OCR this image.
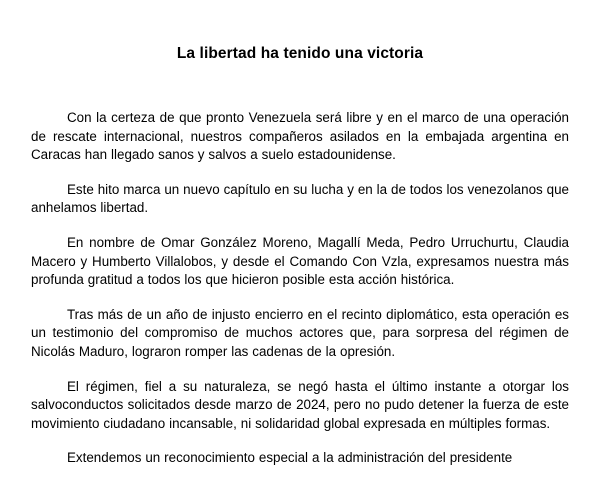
La libertad ha tenido una victoria

Con la certeza de que pronto Venezuela será libre y en el marco de una operación de rescate internacional, nuestros compañeros asilados en la embajada argentina en Caracas han llegado sanos y salvos a suelo estadounidense.

Este hito marca un nuevo capítulo en su lucha y en la de todos los venezolanos que anhelamos libertad.

En nombre de Omar González Moreno, Magallí Meda, Pedro Urruchurtu, Claudia Macero y Humberto Villalobos, y desde el Comando Con Vzla, expresamos nuestra más profunda gratitud a todos los que hicieron posible esta acción histórica.

Tras más de un año de injusto encierro en el recinto diplomático, esta operación es un testimonio del compromiso de muchos actores que, para sorpresa del régimen de Nicolás Maduro, lograron romper las cadenas de la opresión.

El régimen, fiel a su naturaleza, se negó hasta el último instante a otorgar los salvoconductos solicitados desde marzo de 2024, pero no pudo detener la fuerza de este movimiento ciudadano incansable, ni solidaridad global expresada en múltiples formas.

Extendemos un reconocimiento especial a la administración del presidente
